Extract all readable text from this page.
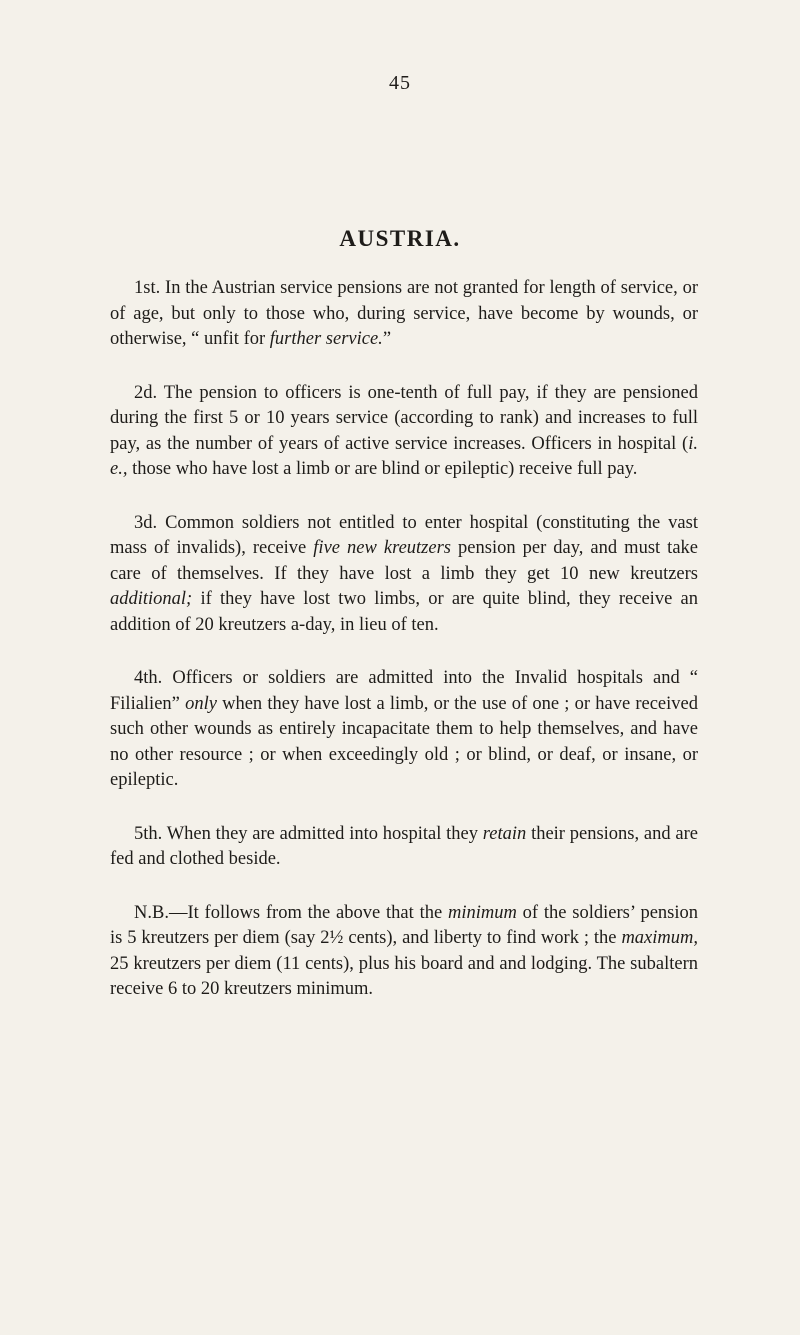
45
AUSTRIA.

1st. In the Austrian service pensions are not granted for length of service, or of age, but only to those who, during service, have become by wounds, or otherwise, “ unfit for further service.”

2d. The pension to officers is one-tenth of full pay, if they are pensioned during the first 5 or 10 years service (according to rank) and increases to full pay, as the number of years of active service increases. Officers in hospital (i. e., those who have lost a limb or are blind or epileptic) receive full pay.

3d. Common soldiers not entitled to enter hospital (constituting the vast mass of invalids), receive five new kreutzers pension per day, and must take care of themselves. If they have lost a limb they get 10 new kreutzers additional; if they have lost two limbs, or are quite blind, they receive an addition of 20 kreutzers a-day, in lieu of ten.

4th. Officers or soldiers are admitted into the Invalid hospitals and “ Filialien” only when they have lost a limb, or the use of one ; or have received such other wounds as entirely incapacitate them to help themselves, and have no other resource ; or when exceedingly old ; or blind, or deaf, or insane, or epileptic.

5th. When they are admitted into hospital they retain their pensions, and are fed and clothed beside.

N.B.—It follows from the above that the minimum of the soldiers’ pension is 5 kreutzers per diem (say 2½ cents), and liberty to find work ; the maximum, 25 kreutzers per diem (11 cents), plus his board and and lodging. The subaltern receive 6 to 20 kreutzers minimum.
